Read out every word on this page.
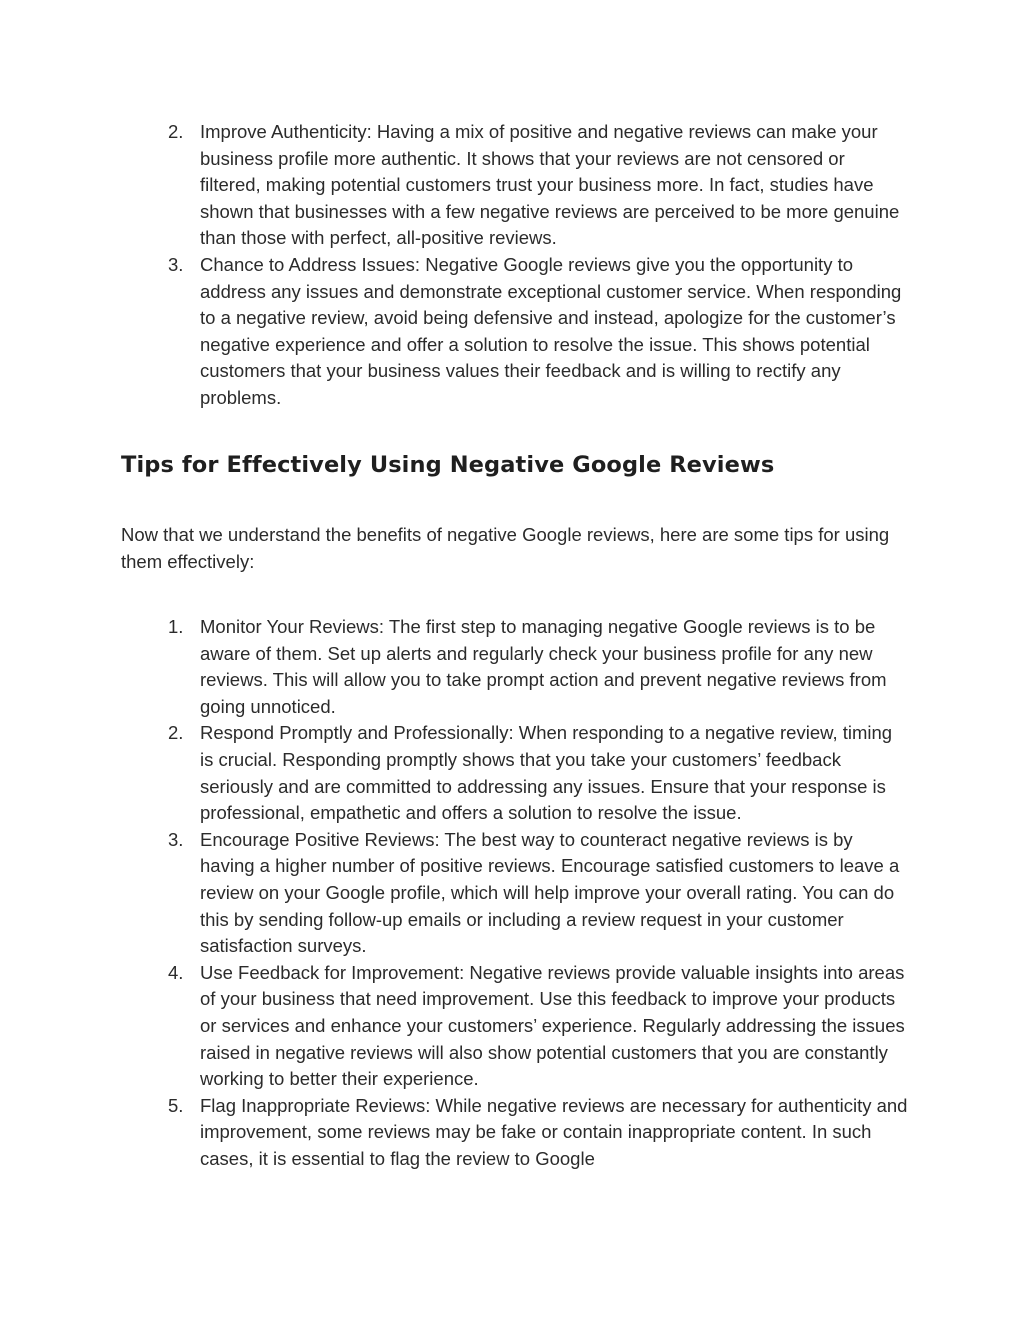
2. Improve Authenticity: Having a mix of positive and negative reviews can make your business profile more authentic. It shows that your reviews are not censored or filtered, making potential customers trust your business more. In fact, studies have shown that businesses with a few negative reviews are perceived to be more genuine than those with perfect, all-positive reviews.
3. Chance to Address Issues: Negative Google reviews give you the opportunity to address any issues and demonstrate exceptional customer service. When responding to a negative review, avoid being defensive and instead, apologize for the customer’s negative experience and offer a solution to resolve the issue. This shows potential customers that your business values their feedback and is willing to rectify any problems.
Tips for Effectively Using Negative Google Reviews

Now that we understand the benefits of negative Google reviews, here are some tips for using them effectively:

1. Monitor Your Reviews: The first step to managing negative Google reviews is to be aware of them. Set up alerts and regularly check your business profile for any new reviews. This will allow you to take prompt action and prevent negative reviews from going unnoticed.
2. Respond Promptly and Professionally: When responding to a negative review, timing is crucial. Responding promptly shows that you take your customers’ feedback seriously and are committed to addressing any issues. Ensure that your response is professional, empathetic and offers a solution to resolve the issue.
3. Encourage Positive Reviews: The best way to counteract negative reviews is by having a higher number of positive reviews. Encourage satisfied customers to leave a review on your Google profile, which will help improve your overall rating. You can do this by sending follow-up emails or including a review request in your customer satisfaction surveys.
4. Use Feedback for Improvement: Negative reviews provide valuable insights into areas of your business that need improvement. Use this feedback to improve your products or services and enhance your customers’ experience. Regularly addressing the issues raised in negative reviews will also show potential customers that you are constantly working to better their experience.
5. Flag Inappropriate Reviews: While negative reviews are necessary for authenticity and improvement, some reviews may be fake or contain inappropriate content. In such cases, it is essential to flag the review to Google
